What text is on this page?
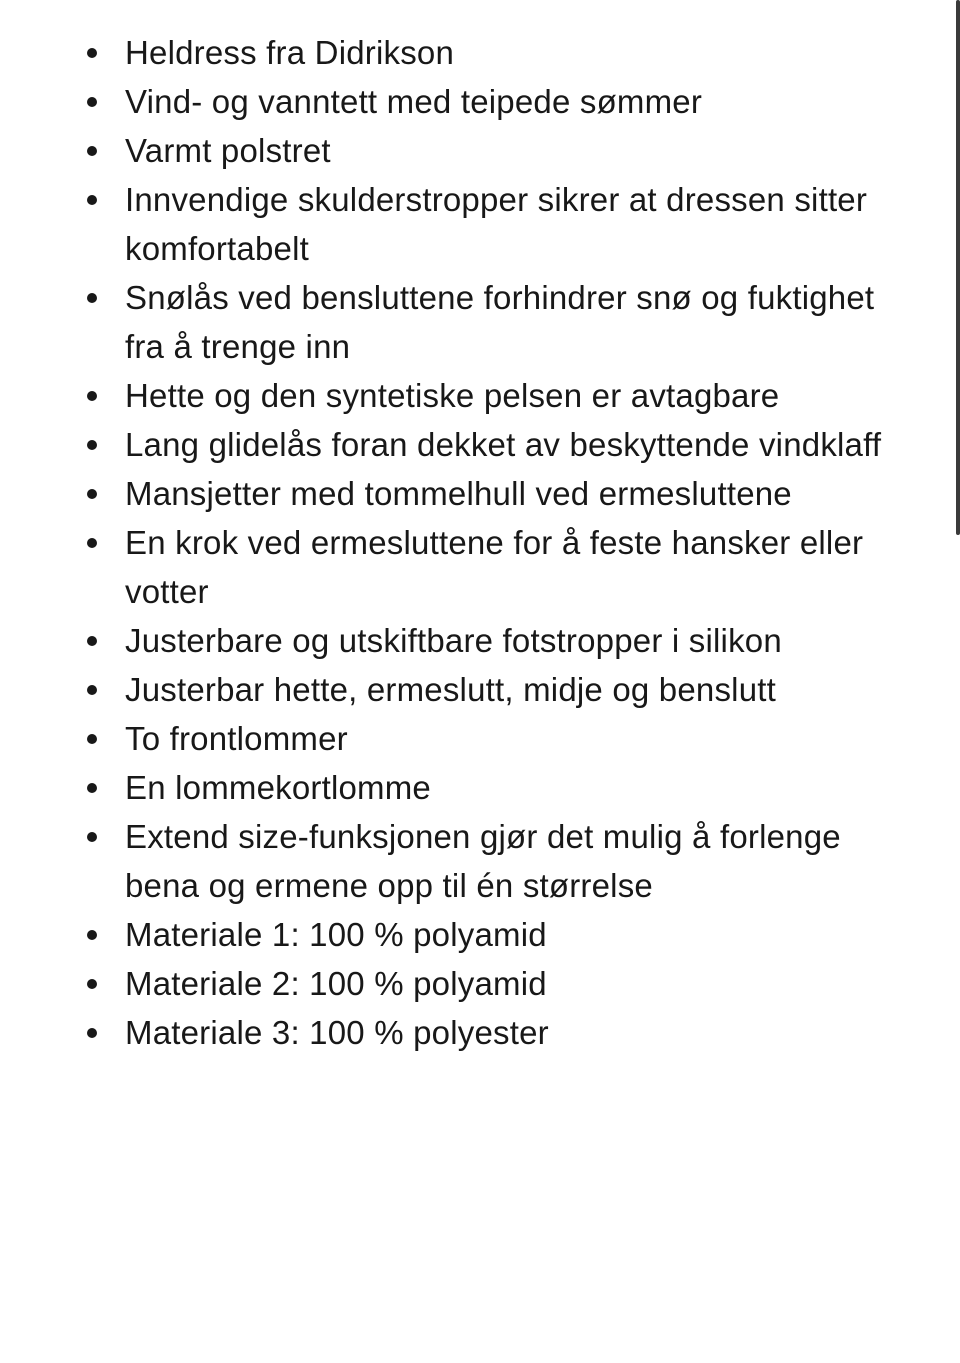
Heldress fra Didrikson
Vind- og vanntett med teipede sømmer
Varmt polstret
Innvendige skulderstropper sikrer at dressen sitter komfortabelt
Snølås ved bensluttene forhindrer snø og fuktighet fra å trenge inn
Hette og den syntetiske pelsen er avtagbare
Lang glidelås foran dekket av beskyttende vindklaff
Mansjetter med tommelhull ved ermesluttene
En krok ved ermesluttene for å feste hansker eller votter
Justerbare og utskiftbare fotstropper i silikon
Justerbar hette, ermeslutt, midje og benslutt
To frontlommer
En lommekortlomme
Extend size-funksjonen gjør det mulig å forlenge bena og ermene opp til én størrelse
Materiale 1: 100 % polyamid
Materiale 2: 100 % polyamid
Materiale 3: 100 % polyester
